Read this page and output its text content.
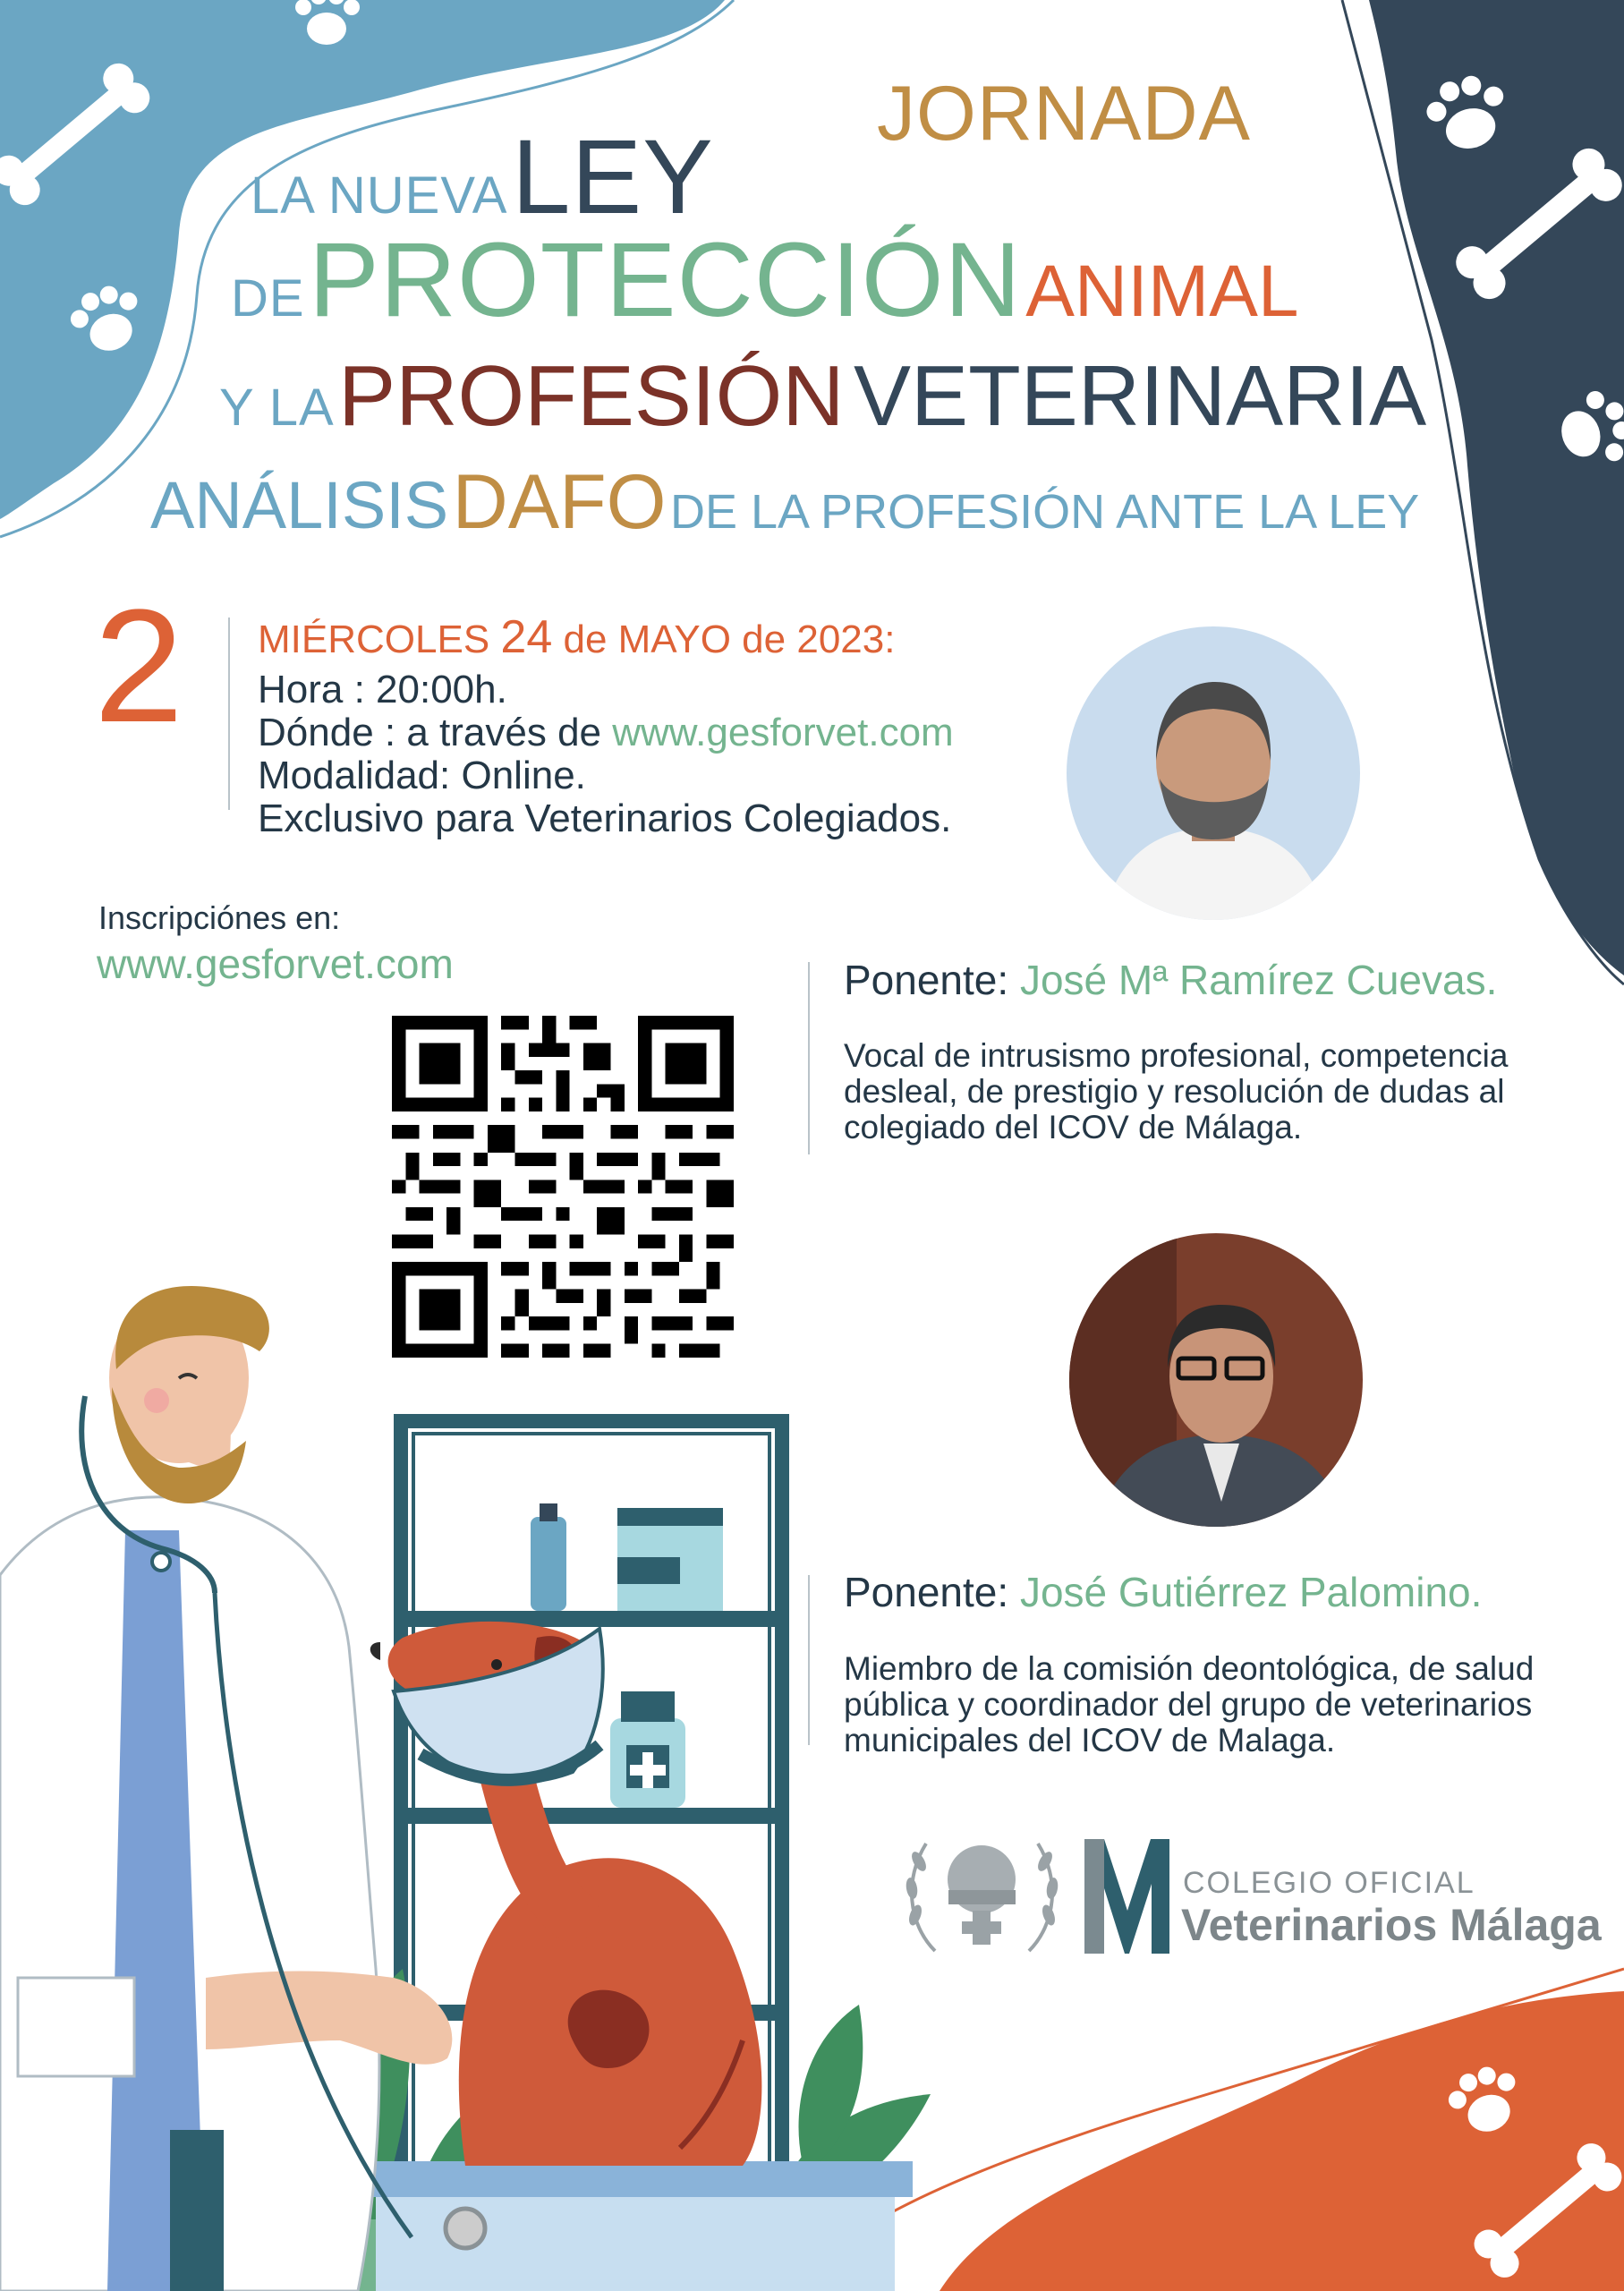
JORNADA
LA NUEVA LEY
DE PROTECCIÓN ANIMAL
Y LA PROFESIÓN VETERINARIA
ANÁLISIS DAFO DE LA PROFESIÓN ANTE LA LEY
2 MIÉRCOLES 24 de MAYO de 2023:
Hora : 20:00h.
Dónde : a través de www.gesforvet.com
Modalidad: Online.
Exclusivo para Veterinarios Colegiados.
Inscripciónes en:
www.gesforvet.com	Ponente: José Mª Ramírez Cuevas.
Vocal de intrusismo profesional, competencia desleal, de prestigio y resolución de dudas al colegiado del ICOV de Málaga.
Ponente: José Gutiérrez Palomino.
Miembro de la comisión deontológica, de salud pública y coordinador del grupo de veterinarios municipales del ICOV de Malaga.
COLEGIO OFICIAL
Veterinarios Málaga
